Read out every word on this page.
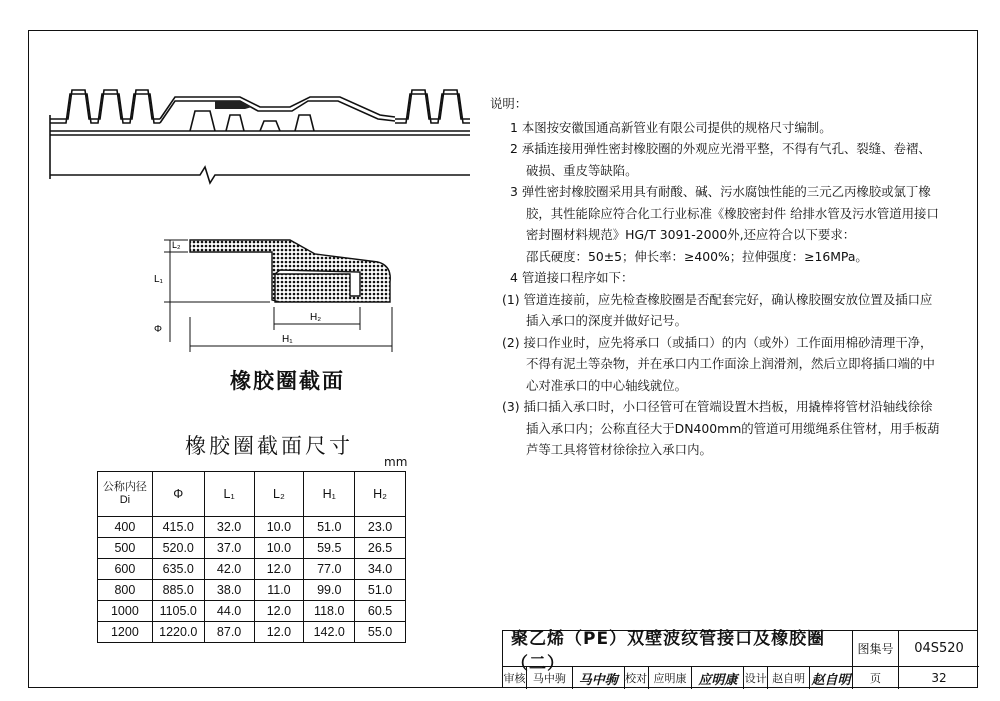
L₂
L₁
Φ
H₂
H₁
橡胶圈截面
橡胶圈截面尺寸
mm
公称内径 Di	Φ	L₁	L₂	H₁	H₂
400	415.0	32.0	10.0	51.0	23.0
500	520.0	37.0	10.0	59.5	26.5
600	635.0	42.0	12.0	77.0	34.0
800	885.0	38.0	11.0	99.0	51.0
1000	1105.0	44.0	12.0	118.0	60.5
1200	1220.0	87.0	12.0	142.0	55.0
说明：
1 本图按安徽国通高新管业有限公司提供的规格尺寸编制。
2 承插连接用弹性密封橡胶圈的外观应光滑平整，不得有气孔、裂缝、卷褶、
破损、重皮等缺陷。
3 弹性密封橡胶圈采用具有耐酸、碱、污水腐蚀性能的三元乙丙橡胶或氯丁橡
胶，其性能除应符合化工行业标准《橡胶密封件 给排水管及污水管道用接口
密封圈材料规范》HG/T 3091-2000外,还应符合以下要求：
邵氏硬度：50±5；伸长率：≥400%；拉伸强度：≥16MPa。
4 管道接口程序如下：
(1) 管道连接前，应先检查橡胶圈是否配套完好，确认橡胶圈安放位置及插口应
插入承口的深度并做好记号。
(2) 接口作业时，应先将承口（或插口）的内（或外）工作面用棉砂清理干净，
不得有泥土等杂物，并在承口内工作面涂上润滑剂，然后立即将插口端的中
心对准承口的中心轴线就位。
(3) 插口插入承口时，小口径管可在管端设置木挡板，用撬棒将管材沿轴线徐徐
插入承口内；公称直径大于DN400mm的管道可用缆绳系住管材，用手板葫
芦等工具将管材徐徐拉入承口内。
聚乙烯（PE）双壁波纹管接口及橡胶圈（二）
图集号	04S520
审核 马中驹 马中驹 校对 应明康 应明康 设计 赵自明 赵自明	页	32
